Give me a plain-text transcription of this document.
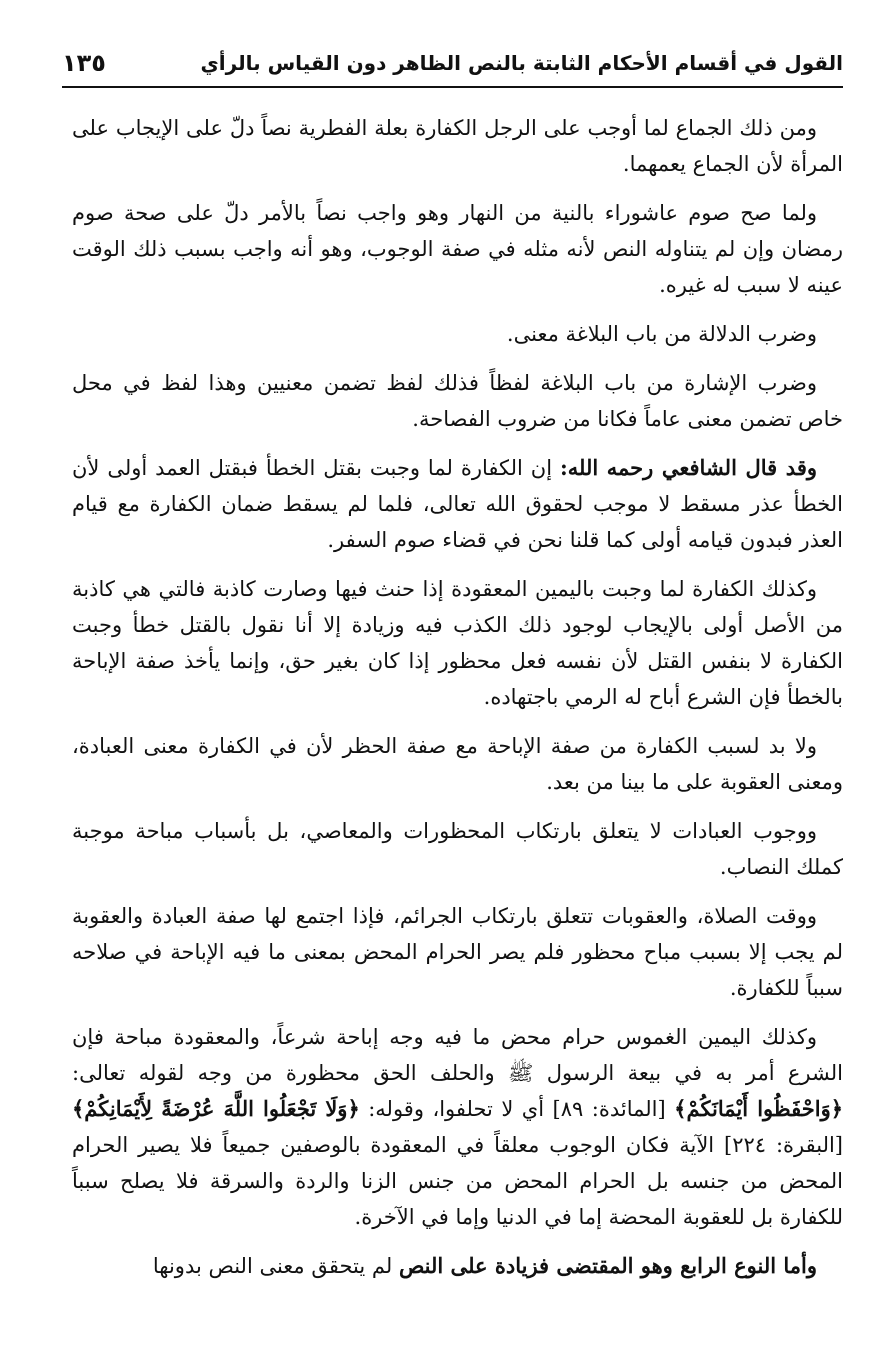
القول في أقسام الأحكام الثابتة بالنص الظاهر دون القياس بالرأي
١٣٥

ومن ذلك الجماع لما أوجب على الرجل الكفارة بعلة الفطرية نصاً دلّ على الإيجاب على المرأة لأن الجماع يعمهما.

ولما صح صوم عاشوراء بالنية من النهار وهو واجب نصاً بالأمر دلّ على صحة صوم رمضان وإن لم يتناوله النص لأنه مثله في صفة الوجوب، وهو أنه واجب بسبب ذلك الوقت عينه لا سبب له غيره.

وضرب الدلالة من باب البلاغة معنى.

وضرب الإشارة من باب البلاغة لفظاً فذلك لفظ تضمن معنيين وهذا لفظ في محل خاص تضمن معنى عاماً فكانا من ضروب الفصاحة.

وقد قال الشافعي رحمه الله: إن الكفارة لما وجبت بقتل الخطأ فبقتل العمد أولى لأن الخطأ عذر مسقط لا موجب لحقوق الله تعالى، فلما لم يسقط ضمان الكفارة مع قيام العذر فبدون قيامه أولى كما قلنا نحن في قضاء صوم السفر.

وكذلك الكفارة لما وجبت باليمين المعقودة إذا حنث فيها وصارت كاذبة فالتي هي كاذبة من الأصل أولى بالإيجاب لوجود ذلك الكذب فيه وزيادة إلا أنا نقول بالقتل خطأ وجبت الكفارة لا بنفس القتل لأن نفسه فعل محظور إذا كان بغير حق، وإنما يأخذ صفة الإباحة بالخطأ فإن الشرع أباح له الرمي باجتهاده.

ولا بد لسبب الكفارة من صفة الإباحة مع صفة الحظر لأن في الكفارة معنى العبادة، ومعنى العقوبة على ما بينا من بعد.

ووجوب العبادات لا يتعلق بارتكاب المحظورات والمعاصي، بل بأسباب مباحة موجبة كملك النصاب.

ووقت الصلاة، والعقوبات تتعلق بارتكاب الجرائم، فإذا اجتمع لها صفة العبادة والعقوبة لم يجب إلا بسبب مباح محظور فلم يصر الحرام المحض بمعنى ما فيه الإباحة في صلاحه سبباً للكفارة.

وكذلك اليمين الغموس حرام محض ما فيه وجه إباحة شرعاً، والمعقودة مباحة فإن الشرع أمر به في بيعة الرسول ﷺ والحلف الحق محظورة من وجه لقوله تعالى: ﴿وَاحْفَظُوا أَيْمَانَكُمْ﴾ [المائدة: ٨٩] أي لا تحلفوا، وقوله: ﴿وَلَا تَجْعَلُوا اللَّهَ عُرْضَةً لِأَيْمَانِكُمْ﴾ [البقرة: ٢٢٤] الآية فكان الوجوب معلقاً في المعقودة بالوصفين جميعاً فلا يصير الحرام المحض من جنسه بل الحرام المحض من جنس الزنا والردة والسرقة فلا يصلح سبباً للكفارة بل للعقوبة المحضة إما في الدنيا وإما في الآخرة.

وأما النوع الرابع وهو المقتضى فزيادة على النص لم يتحقق معنى النص بدونها
